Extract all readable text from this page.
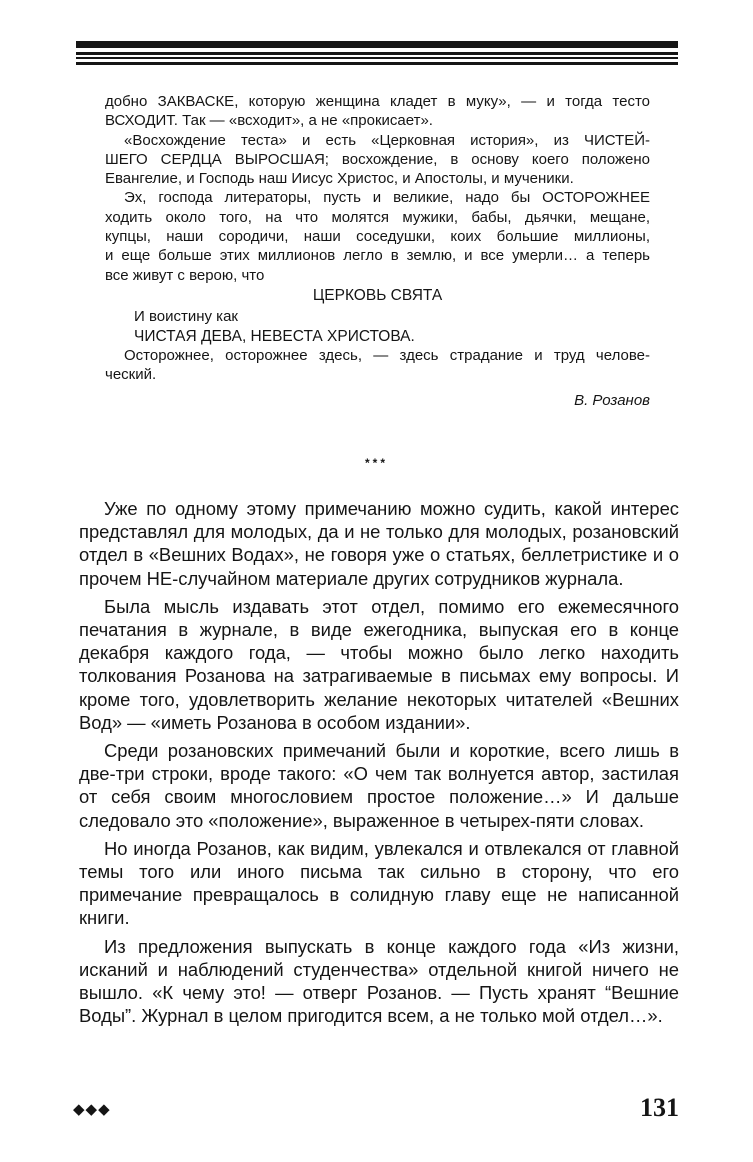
добно ЗАКВАСКЕ, которую женщина кладет в муку», — и тогда тесто

ВСХОДИТ. Так — «всходит», а не «прокисает».

«Восхождение теста» и есть «Церковная история», из ЧИСТЕЙ-

ШЕГО СЕРДЦА ВЫРОСШАЯ; восхождение, в основу коего положено

Евангелие, и Господь наш Иисус Христос, и Апостолы, и мученики.

Эх, господа литераторы, пусть и великие, надо бы ОСТОРОЖНЕЕ

ходить около того, на что молятся мужики, бабы, дьячки, мещане,

купцы, наши сородичи, наши соседушки, коих большие миллионы,

и еще больше этих миллионов легло в землю, и все умерли… а теперь

все живут с верою, что

ЦЕРКОВЬ СВЯТА

И воистину как

ЧИСТАЯ ДЕВА, НЕВЕСТА ХРИСТОВА.

Осторожнее, осторожнее здесь, — здесь страдание и труд челове-

ческий.

В. Розанов

***

Уже по одному этому примечанию можно судить, какой интерес представлял для молодых, да и не только для молодых, розановский отдел в «Вешних Водах», не говоря уже о статьях, беллетристике и о прочем НЕ-случайном материале других сотрудников журнала.

Была мысль издавать этот отдел, помимо его ежемесячного печатания в журнале, в виде ежегодника, выпуская его в конце декабря каждого года, — чтобы можно было легко находить толкования Розанова на затрагиваемые в письмах ему вопросы. И кроме того, удовлетворить желание некоторых читателей «Вешних Вод» — «иметь Розанова в особом издании».

Среди розановских примечаний были и короткие, всего лишь в две-три строки, вроде такого: «О чем так волнуется автор, застилая от себя своим многословием простое положение…» И дальше следовало это «положение», выраженное в четырех-пяти словах.

Но иногда Розанов, как видим, увлекался и отвлекался от главной темы того или иного письма так сильно в сторону, что его примечание превращалось в солидную главу еще не написанной книги.

Из предложения выпускать в конце каждого года «Из жизни, исканий и наблюдений студенчества» отдельной книгой ничего не вышло. «К чему это! — отверг Розанов. — Пусть хранят “Вешние Воды”. Журнал в целом пригодится всем, а не только мой отдел…».

◆◆◆	131
